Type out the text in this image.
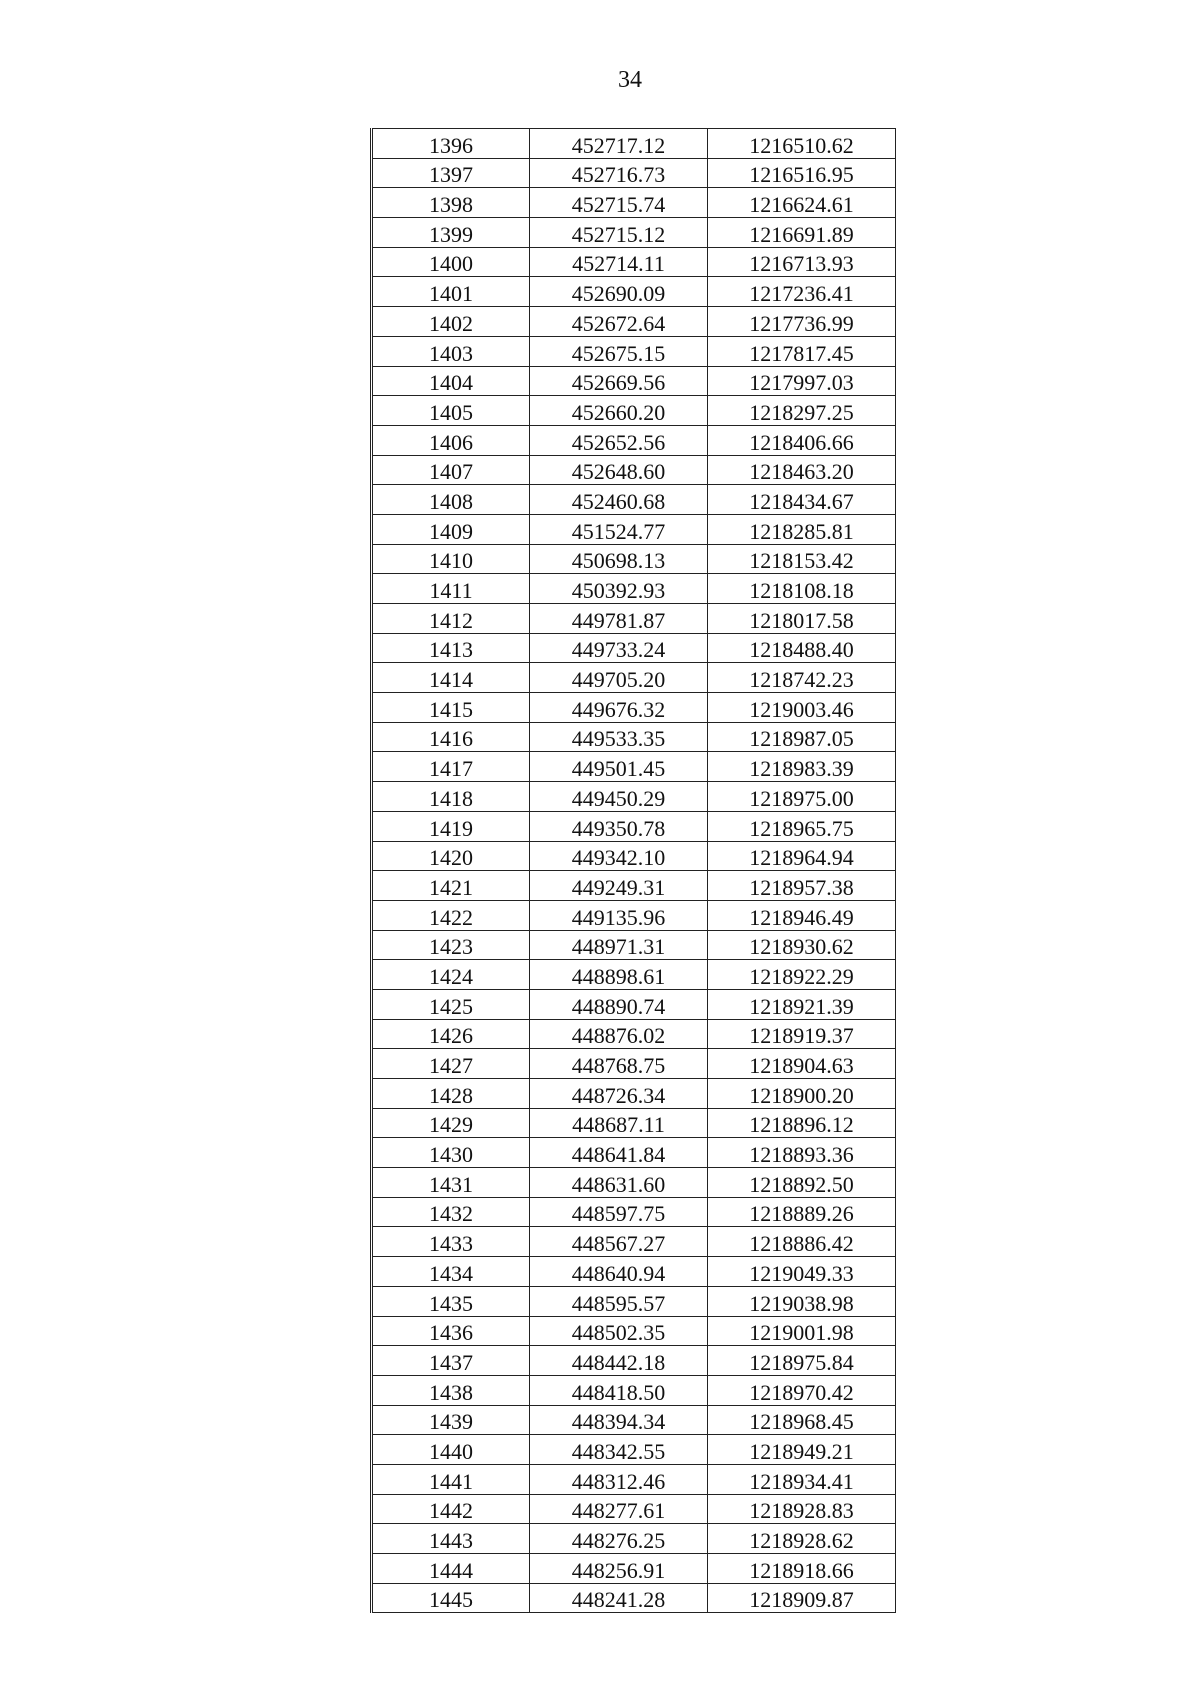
34
1396	452717.12	1216510.62
1397	452716.73	1216516.95
1398	452715.74	1216624.61
1399	452715.12	1216691.89
1400	452714.11	1216713.93
1401	452690.09	1217236.41
1402	452672.64	1217736.99
1403	452675.15	1217817.45
1404	452669.56	1217997.03
1405	452660.20	1218297.25
1406	452652.56	1218406.66
1407	452648.60	1218463.20
1408	452460.68	1218434.67
1409	451524.77	1218285.81
1410	450698.13	1218153.42
1411	450392.93	1218108.18
1412	449781.87	1218017.58
1413	449733.24	1218488.40
1414	449705.20	1218742.23
1415	449676.32	1219003.46
1416	449533.35	1218987.05
1417	449501.45	1218983.39
1418	449450.29	1218975.00
1419	449350.78	1218965.75
1420	449342.10	1218964.94
1421	449249.31	1218957.38
1422	449135.96	1218946.49
1423	448971.31	1218930.62
1424	448898.61	1218922.29
1425	448890.74	1218921.39
1426	448876.02	1218919.37
1427	448768.75	1218904.63
1428	448726.34	1218900.20
1429	448687.11	1218896.12
1430	448641.84	1218893.36
1431	448631.60	1218892.50
1432	448597.75	1218889.26
1433	448567.27	1218886.42
1434	448640.94	1219049.33
1435	448595.57	1219038.98
1436	448502.35	1219001.98
1437	448442.18	1218975.84
1438	448418.50	1218970.42
1439	448394.34	1218968.45
1440	448342.55	1218949.21
1441	448312.46	1218934.41
1442	448277.61	1218928.83
1443	448276.25	1218928.62
1444	448256.91	1218918.66
1445	448241.28	1218909.87
